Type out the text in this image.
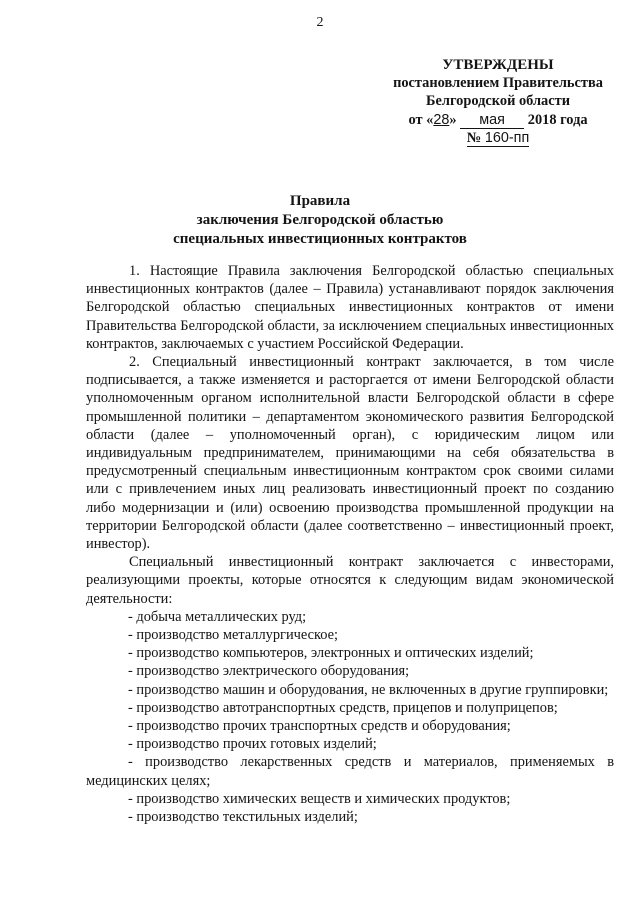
2
УТВЕРЖДЕНЫ
постановлением Правительства
Белгородской области
от «28» мая 2018 года
№ 160-пп
Правила
заключения Белгородской областью
специальных инвестиционных контрактов

1. Настоящие Правила заключения Белгородской областью специальных инвестиционных контрактов (далее – Правила) устанавливают порядок заключения Белгородской областью специальных инвестиционных контрактов от имени Правительства Белгородской области, за исключением специальных инвестиционных контрактов, заключаемых с участием Российской Федерации.

2. Специальный инвестиционный контракт заключается, в том числе подписывается, а также изменяется и расторгается от имени Белгородской области уполномоченным органом исполнительной власти Белгородской области в сфере промышленной политики – департаментом экономического развития Белгородской области (далее – уполномоченный орган), с юридическим лицом или индивидуальным предпринимателем, принимающими на себя обязательства в предусмотренный специальным инвестиционным контрактом срок своими силами или с привлечением иных лиц реализовать инвестиционный проект по созданию либо модернизации и (или) освоению производства промышленной продукции на территории Белгородской области (далее соответственно – инвестиционный проект, инвестор).

Специальный инвестиционный контракт заключается с инвесторами, реализующими проекты, которые относятся к следующим видам экономической деятельности:

- добыча металлических руд;

- производство металлургическое;

- производство компьютеров, электронных и оптических изделий;

- производство электрического оборудования;

- производство машин и оборудования, не включенных в другие группировки;

- производство автотранспортных средств, прицепов и полуприцепов;

- производство прочих транспортных средств и оборудования;

- производство прочих готовых изделий;

- производство лекарственных средств и материалов, применяемых в медицинских целях;

- производство химических веществ и химических продуктов;

- производство текстильных изделий;
